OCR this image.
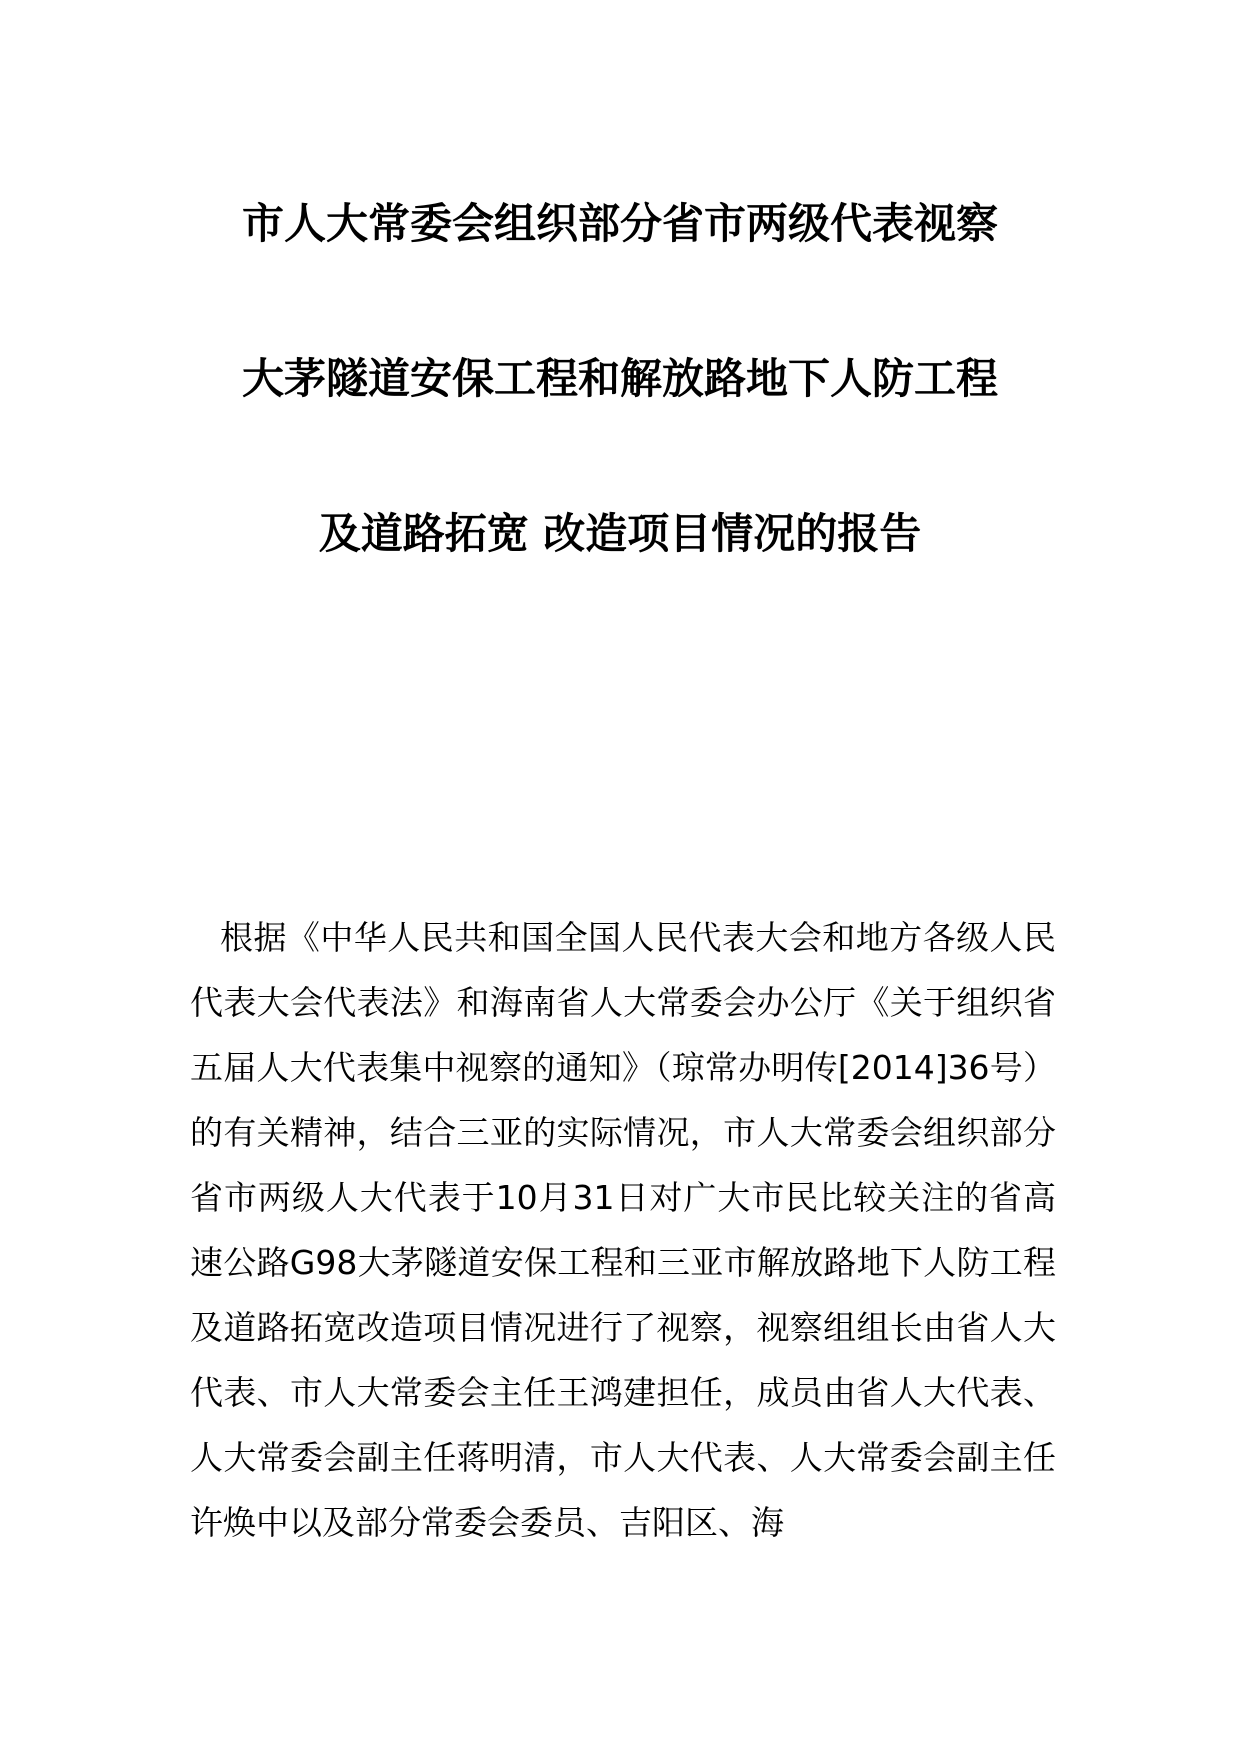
市人大常委会组织部分省市两级代表视察
大茅隧道安保工程和解放路地下人防工程
及道路拓宽 改造项目情况的报告

根据《中华人民共和国全国人民代表大会和地方各级人民代表大会代表法》和海南省人大常委会办公厅《关于组织省五届人大代表集中视察的通知》（琼常办明传[2014]36号）的有关精神，结合三亚的实际情况，市人大常委会组织部分省市两级人大代表于10月31日对广大市民比较关注的省高速公路G98大茅隧道安保工程和三亚市解放路地下人防工程及道路拓宽改造项目情况进行了视察，视察组组长由省人大代表、市人大常委会主任王鸿建担任，成员由省人大代表、人大常委会副主任蒋明清，市人大代表、人大常委会副主任许焕中以及部分常委会委员、吉阳区、海
